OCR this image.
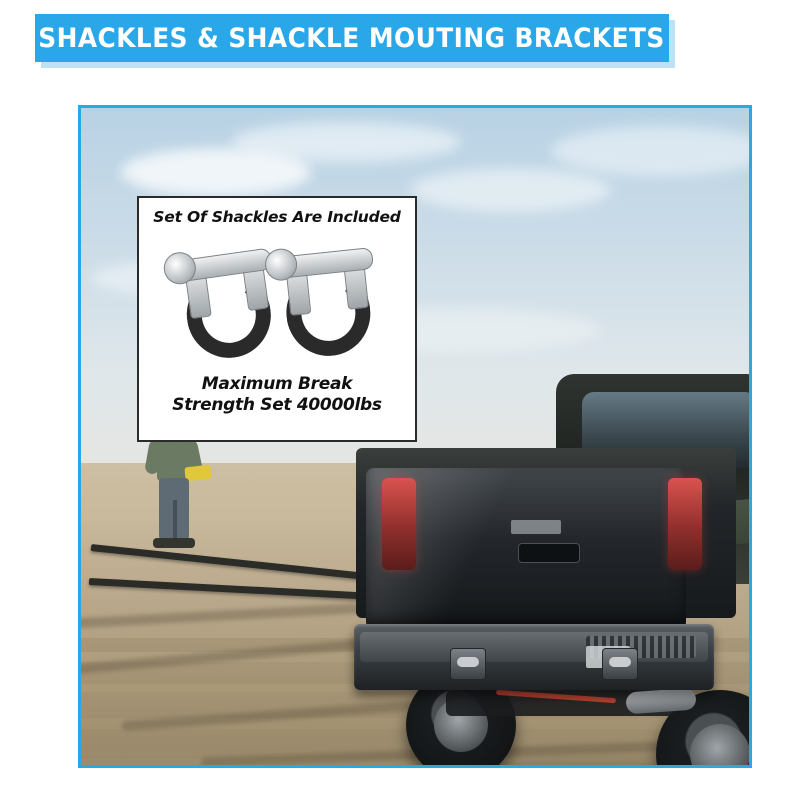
SHACKLES & SHACKLE MOUTING BRACKETS
Set Of Shackles Are Included
Maximum Break
Strength Set 40000lbs
